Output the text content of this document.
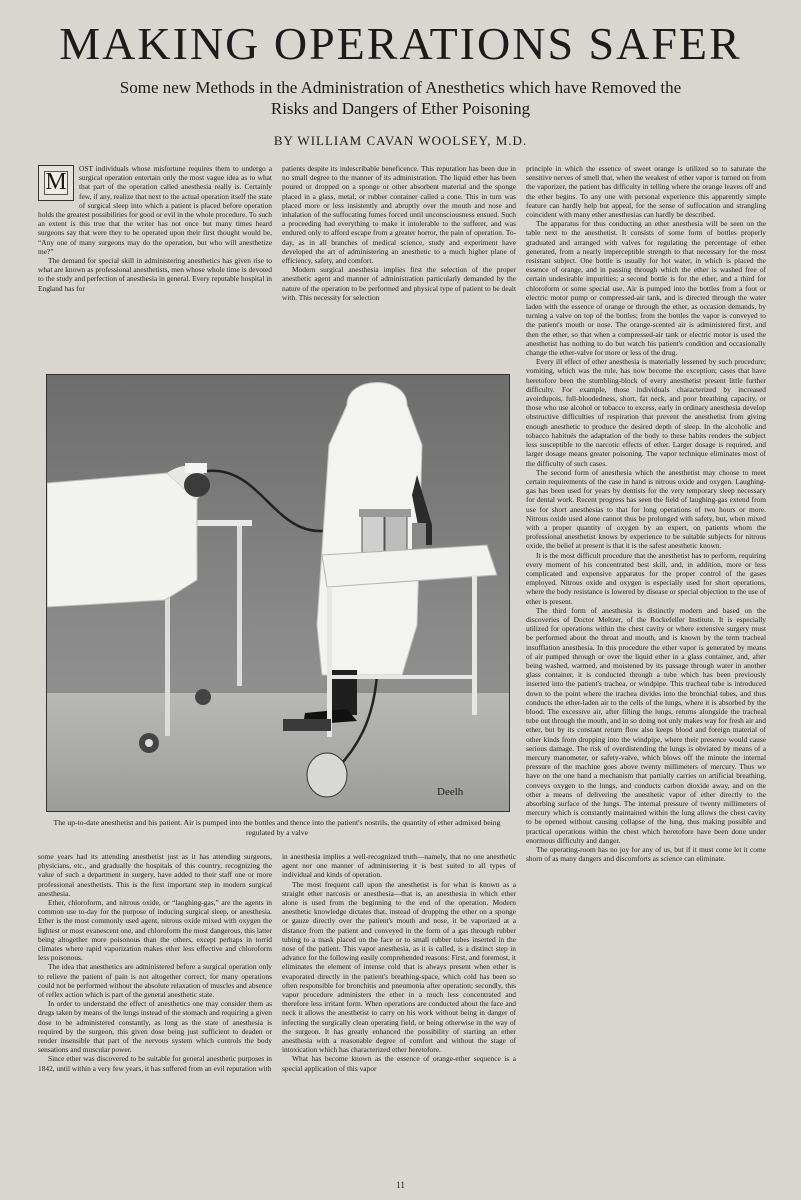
MAKING OPERATIONS SAFER
Some new Methods in the Administration of Anesthetics which have Removed the Risks and Dangers of Ether Poisoning
BY WILLIAM CAVAN WOOLSEY, M.D.
M

OST individuals whose misfortune requires them to undergo a surgical operation entertain only the most vague idea as to what that part of the operation called anesthesia really is. Certainly few, if any, realize that next to the actual operation itself the state of surgical sleep into which a patient is placed before operation holds the greatest possibilities for good or evil in the whole procedure. To such an extent is this true that the writer has not once but many times heard surgeons say that were they to be operated upon their first thought would be, “Any one of many surgeons may do the operation, but who will anesthetize me?”

The demand for special skill in administering anesthetics has given rise to what are known as professional anesthetists, men whose whole time is devoted to the study and perfection of anesthesia in general. Every reputable hospital in England has for

patients despite its indescribable beneficence. This reputation has been due in no small degree to the manner of its administration. The liquid ether has been poured or dropped on a sponge or other absorbent material and the sponge placed in a glass, metal, or rubber container called a cone. This in turn was placed more or less insistently and abruptly over the mouth and nose and inhalation of the suffocating fumes forced until unconsciousness ensued. Such a proceeding had everything to make it intolerable to the sufferer, and was endured only to afford escape from a greater horror, the pain of operation. To-day, as in all branches of medical science, study and experiment have developed the art of administering an anesthetic to a much higher plane of efficiency, safety, and comfort.

Modern surgical anesthesia implies first the selection of the proper anesthetic agent and manner of administration particularly demanded by the nature of the operation to be performed and physical type of patient to be dealt with. This necessity for selection

principle in which the essence of sweet orange is utilized so to saturate the sensitive nerves of smell that, when the weakest of ether vapor is turned on from the vaporizer, the patient has difficulty in telling where the orange leaves off and the ether begins. To any one with personal experience this apparently simple feature can hardly help but appeal, for the sense of suffocation and strangling coincident with many ether anesthesias can hardly be described.

The apparatus for thus conducting an ether anesthesia will be seen on the table next to the anesthetist. It consists of some form of bottles properly graduated and arranged with valves for regulating the percentage of ether generated, from a nearly imperceptible strength to that necessary for the most resistant subject. One bottle is usually for hot water, in which is placed the essence of orange, and in passing through which the ether is washed free of certain undesirable impurities; a second bottle is for the ether, and a third for chloroform or some special use. Air is pumped into the bottles from a foot or electric motor pump or compressed-air tank, and is directed through the water laden with the essence of orange or through the ether, as occasion demands, by turning a valve on top of the bottles; from the bottles the vapor is conveyed to the patient's mouth or nose. The orange-scented air is administered first, and then the ether, so that when a compressed-air tank or electric motor is used the anesthetist has nothing to do but watch his patient's condition and occasionally change the ether-valve for more or less of the drug.

Every ill effect of ether anesthesia is materially lessened by such procedure; vomiting, which was the rule, has now become the exception; cases that have heretofore been the stumbling-block of every anesthetist present little further difficulty. For example, those individuals characterized by increased avoirdupois, full-bloodedness, short, fat neck, and poor breathing capacity, or those who use alcohol or tobacco to excess, early in ordinary anesthesia develop obstructive difficulties of respiration that prevent the anesthetist from giving enough anesthetic to produce the desired depth of sleep. In the alcoholic and tobacco habitués the adaptation of the body to these habits renders the subject less susceptible to the narcotic effects of ether. Larger dosage is required, and larger dosage means greater poisoning. The vapor technique eliminates most of the difficulty of such cases.

The second form of anesthesia which the anesthetist may choose to meet certain requirements of the case in hand is nitrous oxide and oxygen. Laughing-gas has been used for years by dentists for the very temporary sleep necessary for dental work. Recent progress has seen the field of laughing-gas extend from use for short anesthesias to that for long operations of two hours or more. Nitrous oxide used alone cannot thus be prolonged with safety, but, when mixed with a proper quantity of oxygen by an expert, on patients whom the professional anesthetist knows by experience to be suitable subjects for nitrous oxide, the belief at present is that it is the safest anesthetic known.

It is the most difficult procedure that the anesthetist has to perform, requiring every moment of his concentrated best skill, and, in addition, more or less complicated and expensive apparatus for the proper control of the gases employed. Nitrous oxide and oxygen is especially used for short operations, where the body resistance is lowered by disease or special objection to the use of ether is present.

The third form of anesthesia is distinctly modern and based on the discoveries of Doctor Meltzer, of the Rockefeller Institute. It is especially utilized for operations within the chest cavity or where extensive surgery must be performed about the throat and mouth, and is known by the term tracheal insufflation anesthesia. In this procedure the ether vapor is generated by means of air pumped through or over the liquid ether in a glass container, and, after being washed, warmed, and moistened by its passage through water in another glass container, it is conducted through a tube which has been previously inserted into the patient's trachea, or windpipe. This tracheal tube is introduced down to the point where the trachea divides into the bronchial tubes, and thus conducts the ether-laden air to the cells of the lungs, where it is absorbed by the blood. The excessive air, after filling the lungs, returns alongside the tracheal tube out through the mouth, and in so doing not only makes way for fresh air and ether, but by its constant return flow also keeps blood and foreign material of other kinds from dropping into the windpipe, where their presence would cause serious damage. The risk of overdistending the lungs is obviated by means of a mercury manometer, or safety-valve, which blows off the minute the internal pressure of the machine goes above twenty millimeters of mercury. Thus we have on the one hand a mechanism that partially carries on artificial breathing, conveys oxygen to the lungs, and conducts carbon dioxide away, and on the other a means of delivering the anesthetic vapor of ether directly to the absorbing surface of the lungs. The internal pressure of twenty millimeters of mercury which is constantly maintained within the lung allows the chest cavity to be opened without causing collapse of the lung, thus making possible and practical operations within the chest which heretofore have been done under enormous difficulty and danger.

The operating-room has no joy for any of us, but if it must come let it come shorn of as many dangers and discomforts as science can eliminate.

Deelh
The up-to-date anesthetist and his patient. Air is pumped into the bottles and thence into the patient's nostrils, the quantity of ether admixed being regulated by a valve

some years had its attending anesthetist just as it has attending surgeons, physicians, etc., and gradually the hospitals of this country, recognizing the value of such a department in surgery, have added to their staff one or more professional anesthetists. This is the first important step in modern surgical anesthesia.

Ether, chloroform, and nitrous oxide, or “laughing-gas,” are the agents in common use to-day for the purpose of inducing surgical sleep, or anesthesia. Ether is the most commonly used agent, nitrous oxide mixed with oxygen the lightest or most evanescent one, and chloroform the most dangerous, this latter being altogether more poisonous than the others, except perhaps in torrid climates where rapid vaporization makes ether less effective and chloroform less poisonous.

The idea that anesthetics are administered before a surgical operation only to relieve the patient of pain is not altogether correct, for many operations could not be performed without the absolute relaxation of muscles and absence of reflex action which is part of the general anesthetic state.

In order to understand the effect of anesthetics one may consider them as drugs taken by means of the lungs instead of the stomach and requiring a given dose to be administered constantly, as long as the state of anesthesia is required by the surgeon, this given dose being just sufficient to deaden or render insensible that part of the nervous system which controls the body sensations and muscular power.

Since ether was discovered to be suitable for general anesthetic purposes in 1842, until within a very few years, it has suffered from an evil reputation with

in anesthesia implies a well-recognized truth—namely, that no one anesthetic agent nor one manner of administering it is best suited to all types of individual and kinds of operation.

The most frequent call upon the anesthetist is for what is known as a straight ether narcosis or anesthesia—that is, an anesthesia in which ether alone is used from the beginning to the end of the operation. Modern anesthetic knowledge dictates that, instead of dropping the ether on a sponge or gauze directly over the patient's mouth and nose, it be vaporized at a distance from the patient and conveyed in the form of a gas through rubber tubing to a mask placed on the face or to small rubber tubes inserted in the nose of the patient. This vapor anesthesia, as it is called, is a distinct step in advance for the following easily comprehended reasons: First, and foremost, it eliminates the element of intense cold that is always present when ether is evaporated directly in the patient's breathing-space, which cold has been so often responsible for bronchitis and pneumonia after operation; secondly, this vapor procedure administers the ether in a much less concentrated and therefore less irritant form. When operations are conducted about the face and neck it allows the anesthetist to carry on his work without being in danger of infecting the surgically clean operating field, or being otherwise in the way of the surgeon. It has greatly enhanced the possibility of starting an ether anesthesia with a reasonable degree of comfort and without the stage of intoxication which has characterized ether heretofore.

What has become known as the essence of orange-ether sequence is a special application of this vapor

11
